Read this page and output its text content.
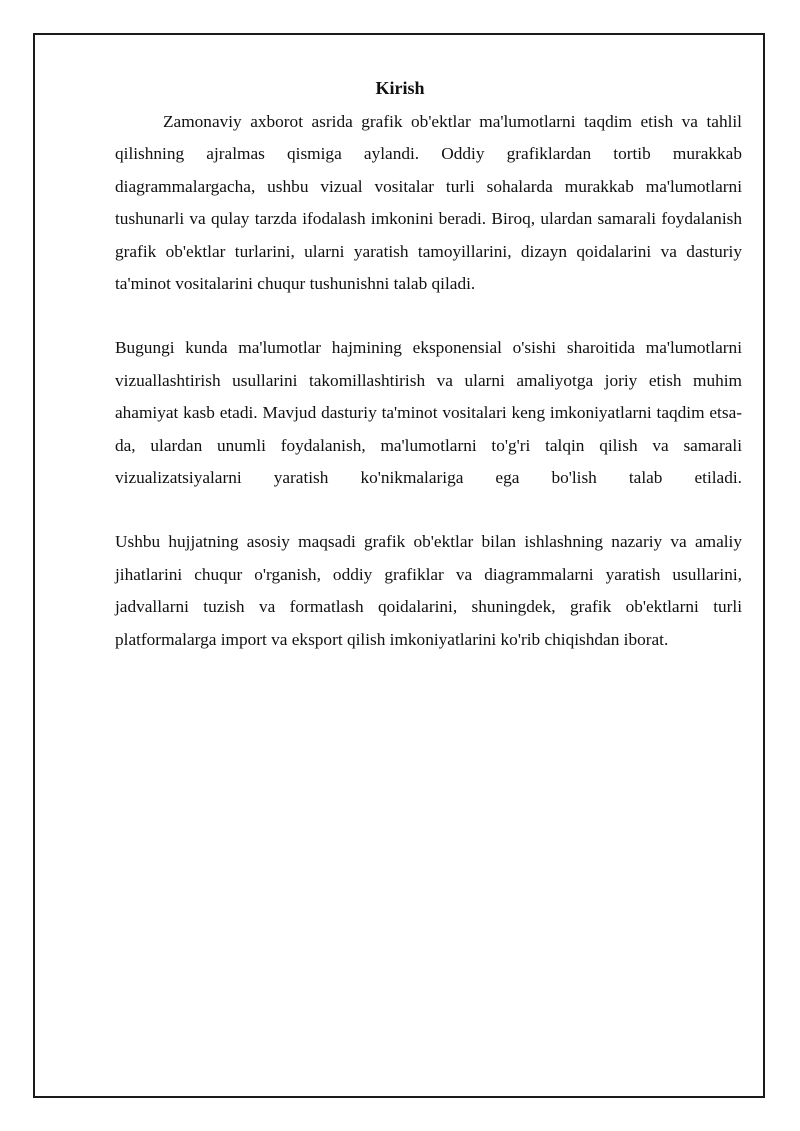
Kirish

Zamonaviy axborot asrida grafik ob'ektlar ma'lumotlarni taqdim etish va tahlil qilishning ajralmas qismiga aylandi. Oddiy grafiklardan tortib murakkab diagrammalargacha, ushbu vizual vositalar turli sohalarda murakkab ma'lumotlarni tushunarli va qulay tarzda ifodalash imkonini beradi. Biroq, ulardan samarali foydalanish grafik ob'ektlar turlarini, ularni yaratish tamoyillarini, dizayn qoidalarini va dasturiy ta'minot vositalarini chuqur tushunishni talab qiladi.

Bugungi kunda ma'lumotlar hajmining eksponensial o'sishi sharoitida ma'lumotlarni vizuallashtirish usullarini takomillashtirish va ularni amaliyotga joriy etish muhim ahamiyat kasb etadi. Mavjud dasturiy ta'minot vositalari keng imkoniyatlarni taqdim etsa-da, ulardan unumli foydalanish, ma'lumotlarni to'g'ri talqin qilish va samarali vizualizatsiyalarni yaratish ko'nikmalariga ega bo'lish talab etiladi.

Ushbu hujjatning asosiy maqsadi grafik ob'ektlar bilan ishlashning nazariy va amaliy jihatlarini chuqur o'rganish, oddiy grafiklar va diagrammalarni yaratish usullarini, jadvallarni tuzish va formatlash qoidalarini, shuningdek, grafik ob'ektlarni turli platformalarga import va eksport qilish imkoniyatlarini ko'rib chiqishdan iborat.
